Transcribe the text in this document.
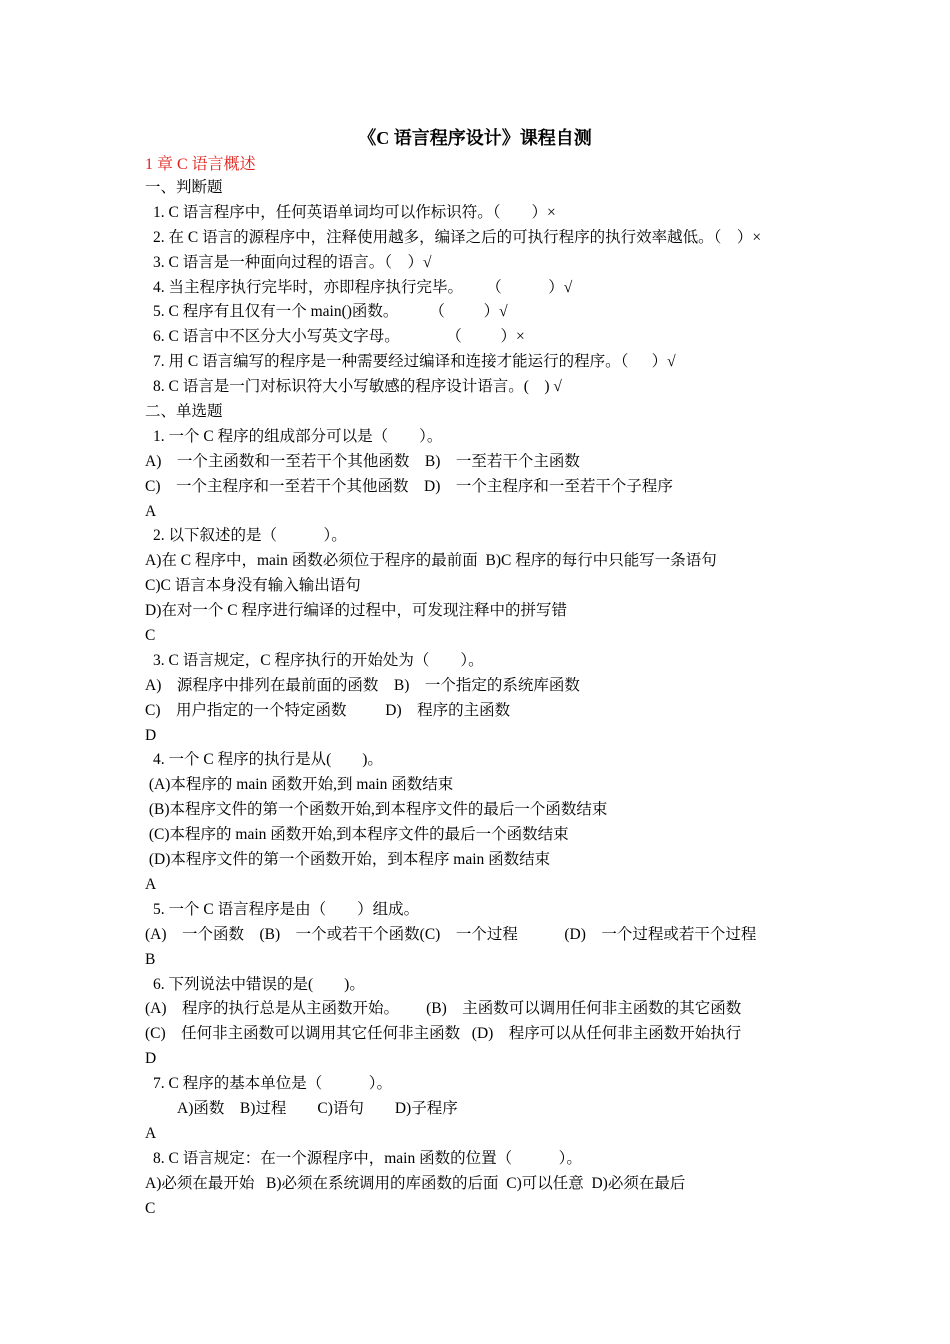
《C 语言程序设计》课程自测
1 章 C 语言概述
一、判断题
1. C 语言程序中，任何英语单词均可以作标识符。（        ）×
2. 在 C 语言的源程序中，注释使用越多，编译之后的可执行程序的执行效率越低。（    ）×
3. C 语言是一种面向过程的语言。（    ）√
4. 当主程序执行完毕时，亦即程序执行完毕。      （            ）√
5. C 程序有且仅有一个 main()函数。        （          ）√
6. C 语言中不区分大小写英文字母。            （          ）×
7. 用 C 语言编写的程序是一种需要经过编译和连接才能运行的程序。（      ）√
8. C 语言是一门对标识符大小写敏感的程序设计语言。(    ) √
二、单选题
1. 一个 C 程序的组成部分可以是（        ）。
A)    一个主函数和一至若干个其他函数    B)    一至若干个主函数
C)    一个主程序和一至若干个其他函数    D)    一个主程序和一至若干个子程序
A
2. 以下叙述的是（            ）。
A)在 C 程序中，main 函数必须位于程序的最前面  B)C 程序的每行中只能写一条语句
C)C 语言本身没有输入输出语句
D)在对一个 C 程序进行编译的过程中，可发现注释中的拼写错
C
3. C 语言规定，C 程序执行的开始处为（        ）。
A)    源程序中排列在最前面的函数    B)    一个指定的系统库函数
C)    用户指定的一个特定函数          D)    程序的主函数
D
4. 一个 C 程序的执行是从(        )。
(A)本程序的 main 函数开始,到 main 函数结束
(B)本程序文件的第一个函数开始,到本程序文件的最后一个函数结束
(C)本程序的 main 函数开始,到本程序文件的最后一个函数结束
(D)本程序文件的第一个函数开始，到本程序 main 函数结束
A
5. 一个 C 语言程序是由（        ）组成。
(A)    一个函数    (B)    一个或若干个函数(C)    一个过程            (D)    一个过程或若干个过程
B
6. 下列说法中错误的是(        )。
(A)    程序的执行总是从主函数开始。       (B)    主函数可以调用任何非主函数的其它函数
(C)    任何非主函数可以调用其它任何非主函数   (D)    程序可以从任何非主函数开始执行
D
7. C 程序的基本单位是（            ）。
A)函数    B)过程        C)语句        D)子程序
A
8. C 语言规定：在一个源程序中，main 函数的位置（            ）。
A)必须在最开始   B)必须在系统调用的库函数的后面  C)可以任意  D)必须在最后
C
